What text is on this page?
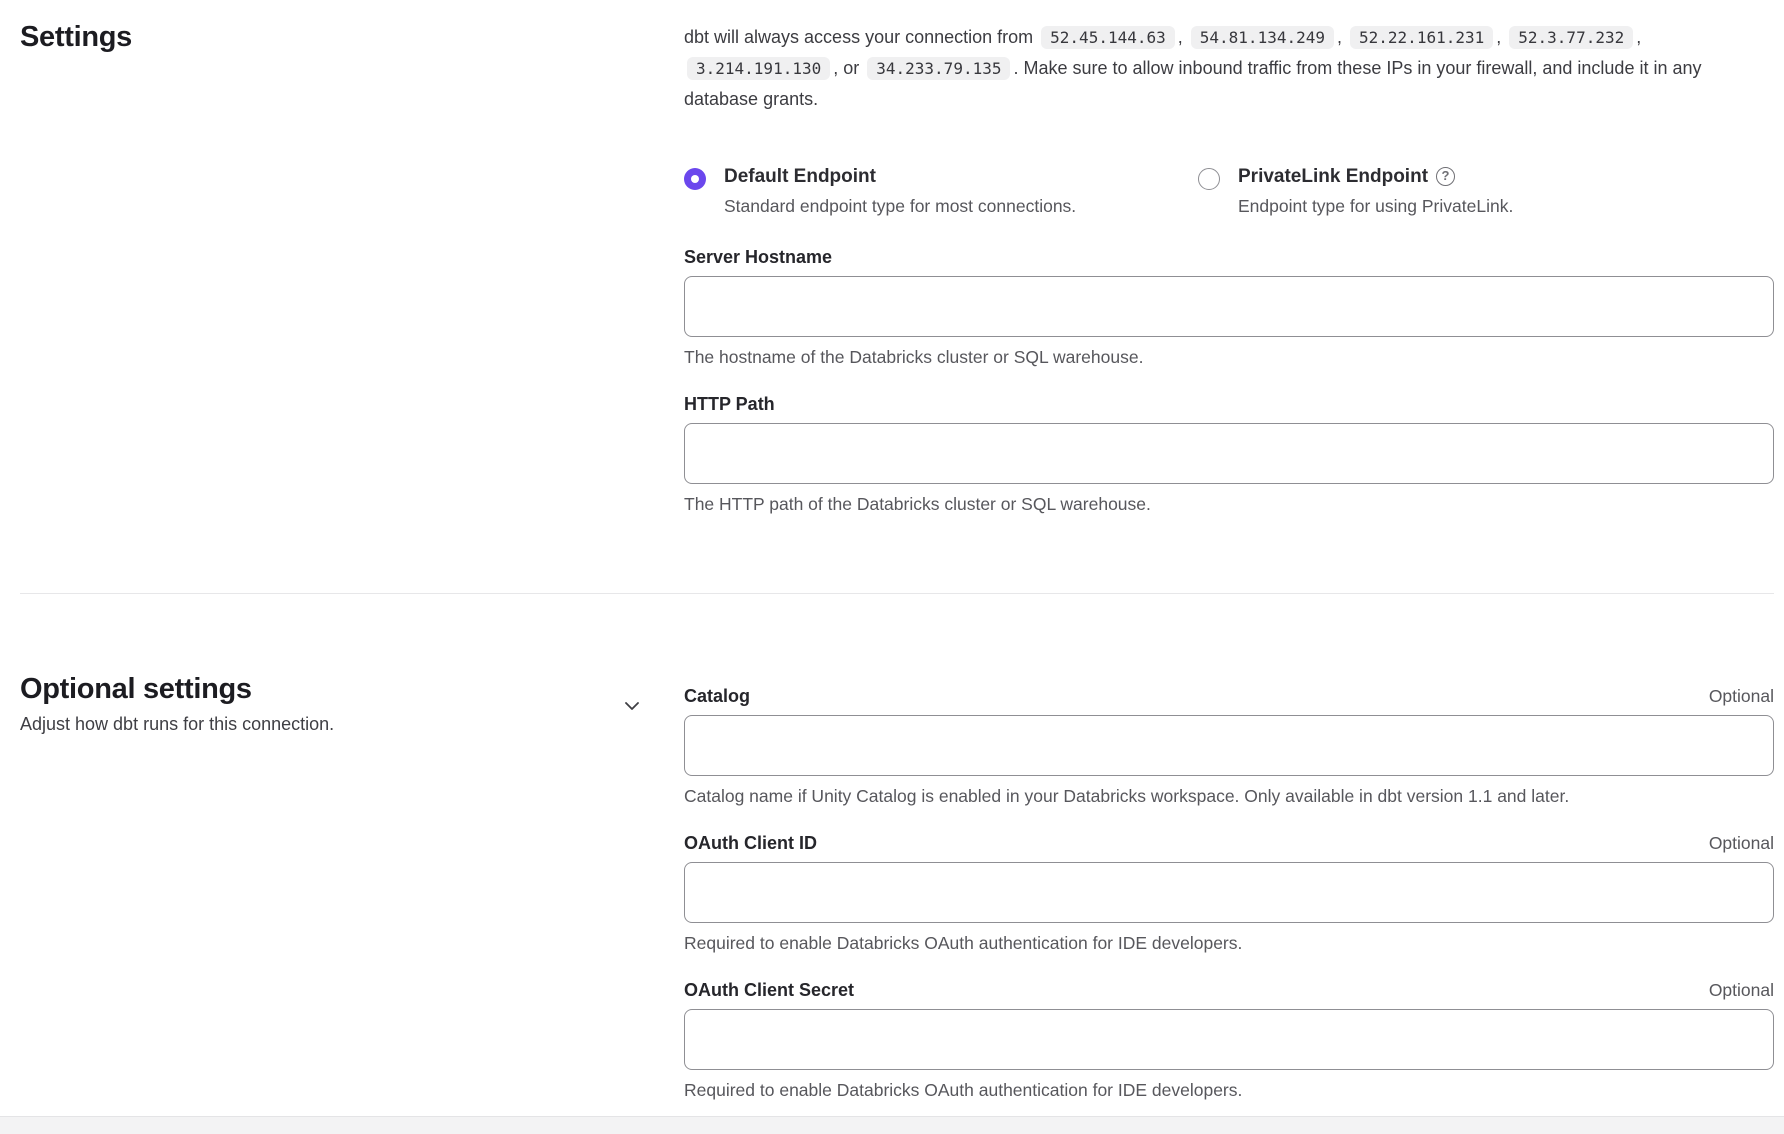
Settings	dbt will always access your connection from 52.45.144.63 , 54.81.134.249 , 52.22.161.231 , 52.3.77.232 , 3.214.191.130 , or 34.233.79.135 . Make sure to allow inbound traffic from these IPs in your firewall, and include it in any database grants.

Default Endpoint
Standard endpoint type for most connections.
PrivateLink Endpoint?
Endpoint type for using PrivateLink.
Server Hostname
The hostname of the Databricks cluster or SQL warehouse.
HTTP Path
The HTTP path of the Databricks cluster or SQL warehouse.
Optional settings
Adjust how dbt runs for this connection.
Catalog	Optional
Catalog name if Unity Catalog is enabled in your Databricks workspace. Only available in dbt version 1.1 and later.
OAuth Client ID	Optional
Required to enable Databricks OAuth authentication for IDE developers.
OAuth Client Secret	Optional
Required to enable Databricks OAuth authentication for IDE developers.
